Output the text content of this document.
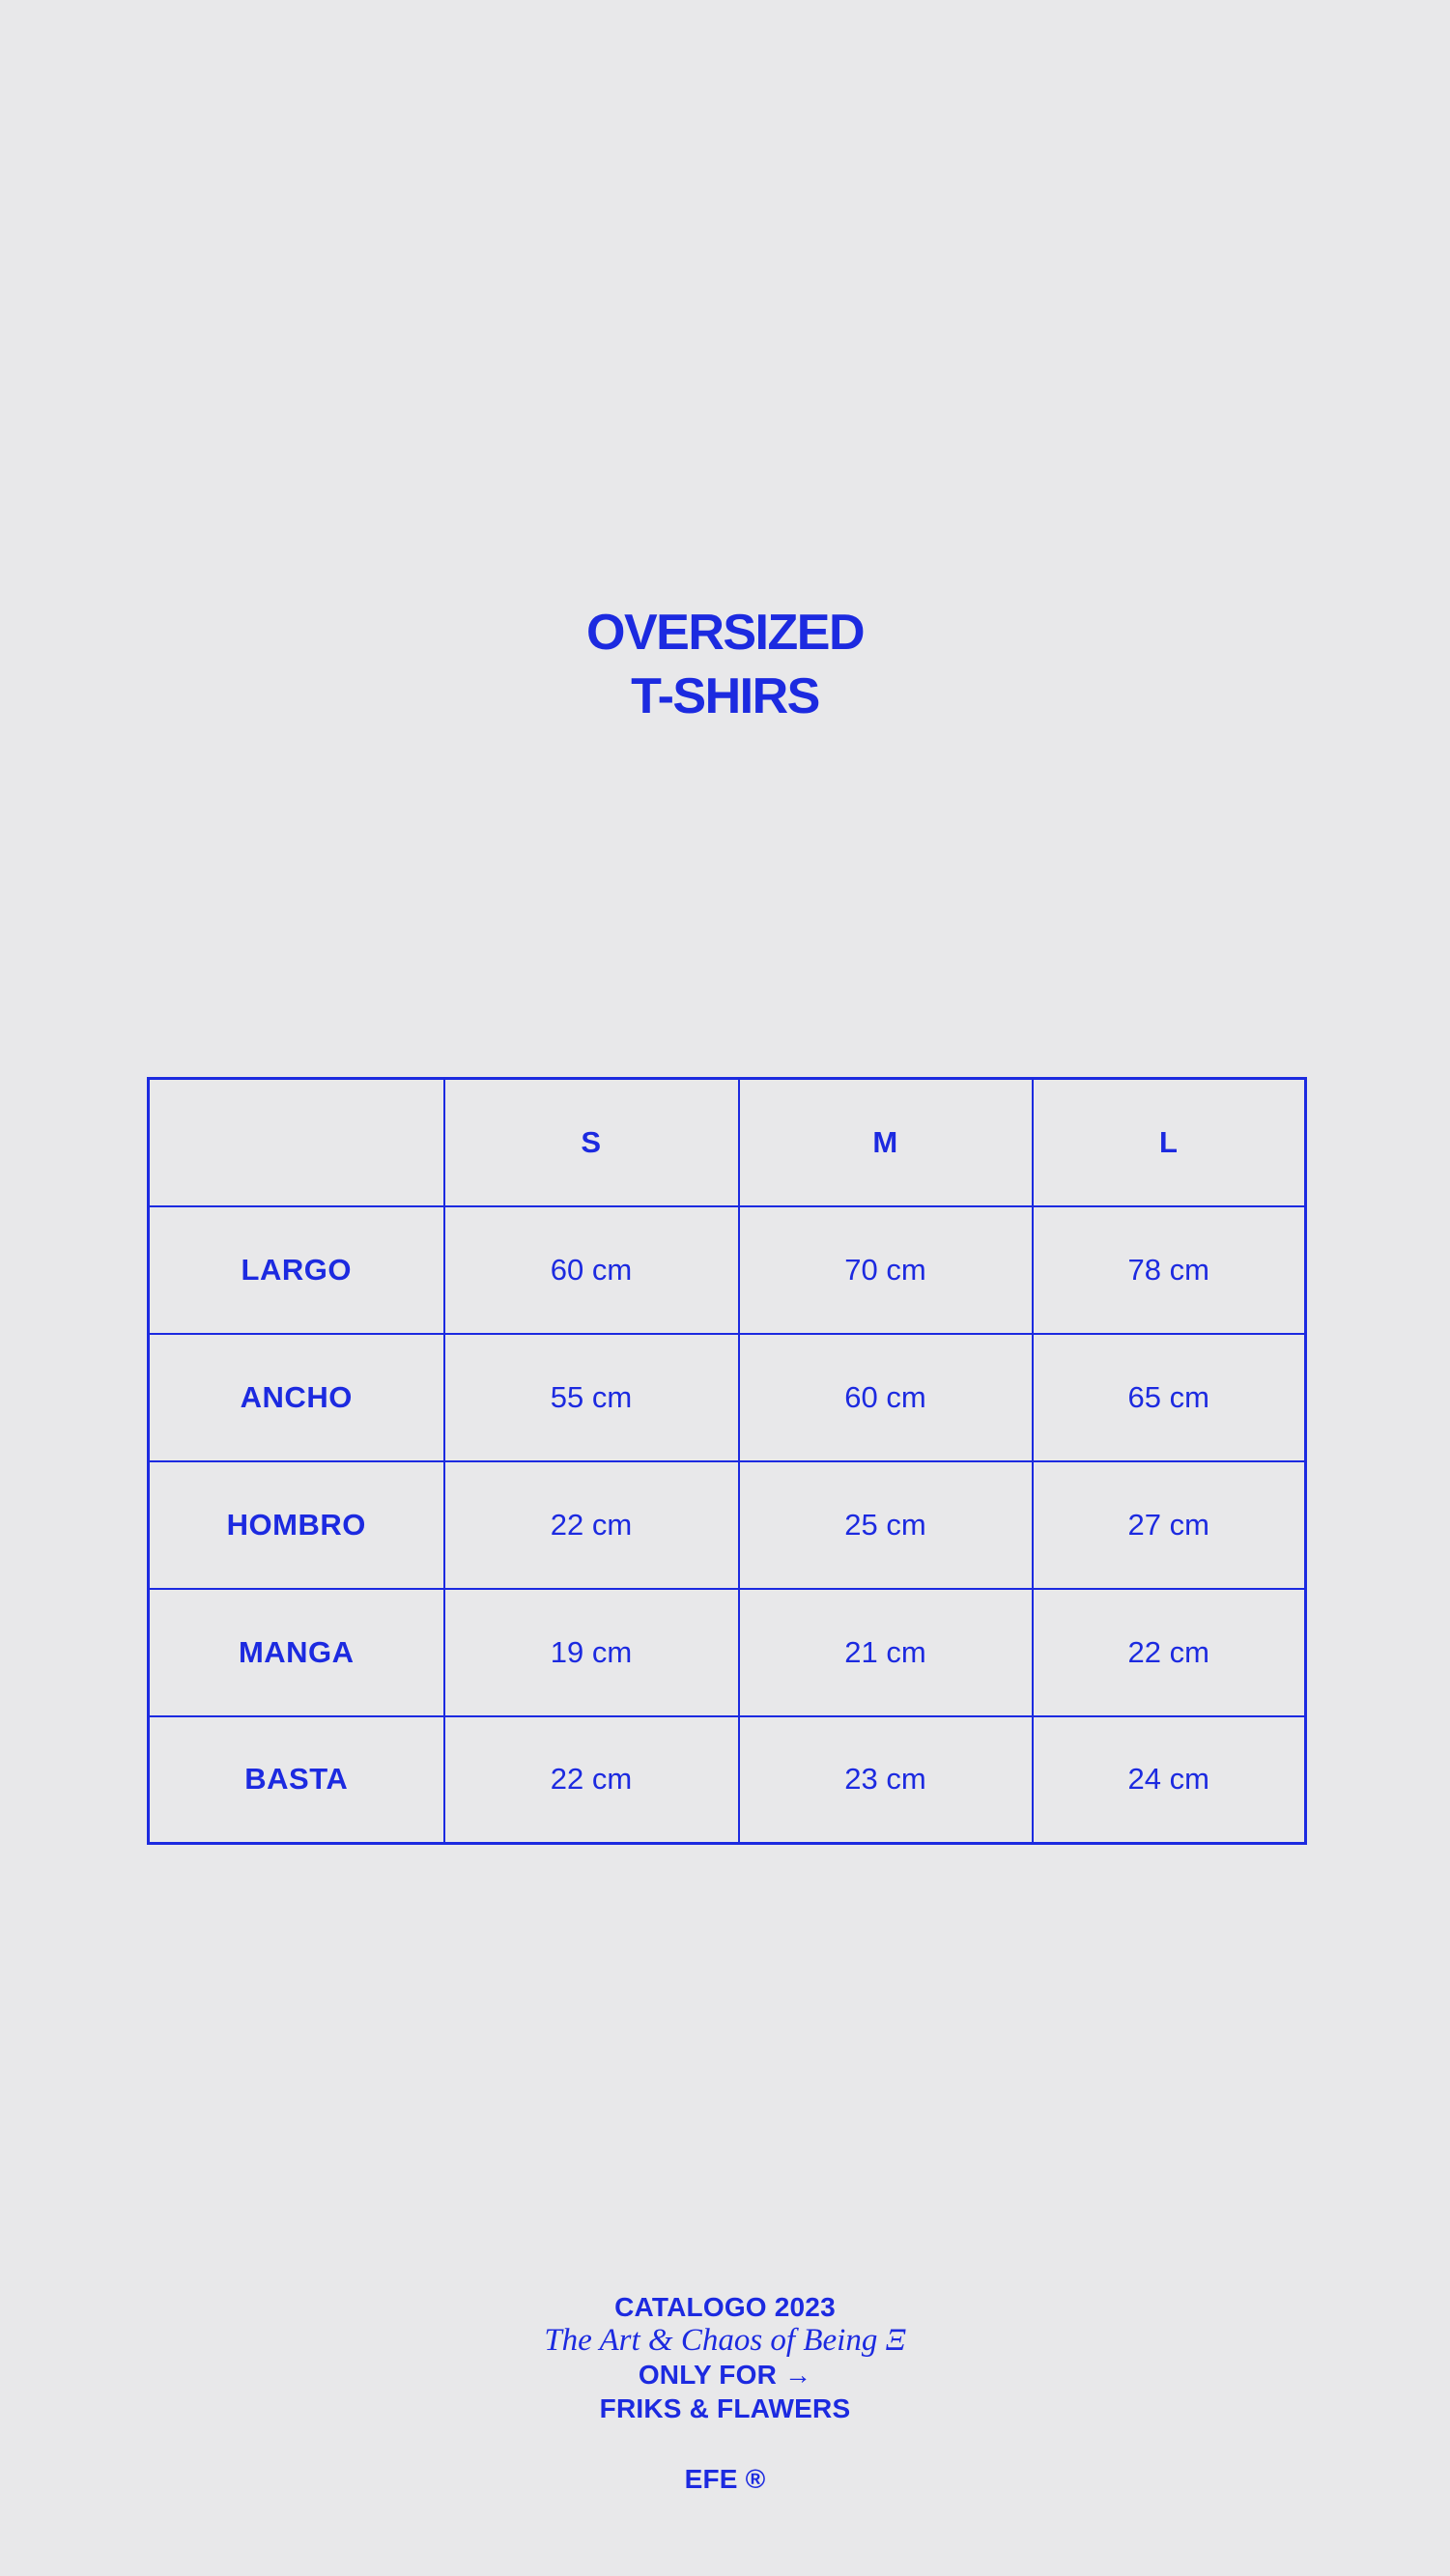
OVERSIZED
T-SHIRS
	S	M	L
LARGO	60 cm	70 cm	78 cm
ANCHO	55 cm	60 cm	65 cm
HOMBRO	22 cm	25 cm	27 cm
MANGA	19 cm	21 cm	22 cm
BASTA	22 cm	23 cm	24 cm
CATALOGO 2023
The Art & Chaos of Being Ξ
ONLY FOR →
FRIKS & FLAWERS
EFE ®
